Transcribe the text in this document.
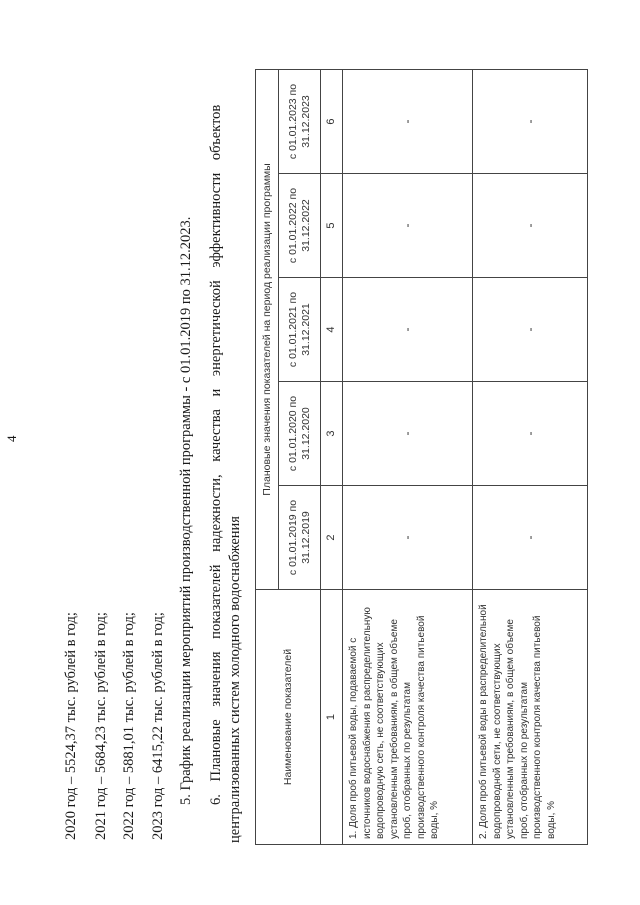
4
2020 год – 5524,37 тыс. рублей в год; 2021 год – 5684,23 тыс. рублей в год; 2022 год – 5881,01 тыс. рублей в год; 2023 год – 6415,22 тыс. рублей в год; 5. График реализации мероприятий производственной программы - с 01.01.2019 по 31.12.2023. 6. Плановые значения показателей надежности, качества и энергетической эффективности объектов централизованных систем холодного водоснабжения	Наименование показателей	Плановые значения показателей на период реализации программы				
	с 01.01.2019 по 31.12.2019	с 01.01.2020 по 31.12.2020	с 01.01.2021 по 31.12.2021	с 01.01.2022 по 31.12.2022	с 01.01.2023 по 31.12.2023
1	2	3	4	5	6
1. Доля проб питьевой воды, подаваемой с источников водоснабжения в распределительную водопроводную сеть, не соответствующих установленным требованиям, в общем объеме проб, отобранных по результатам производственного контроля качества питьевой воды, %	-	-	-	-	-
2. Доля проб питьевой воды в распределительной водопроводной сети, не соответствующих установленным требованиям, в общем объеме проб, отобранных по результатам производственного контроля качества питьевой воды, %	-	-	-	-	-
